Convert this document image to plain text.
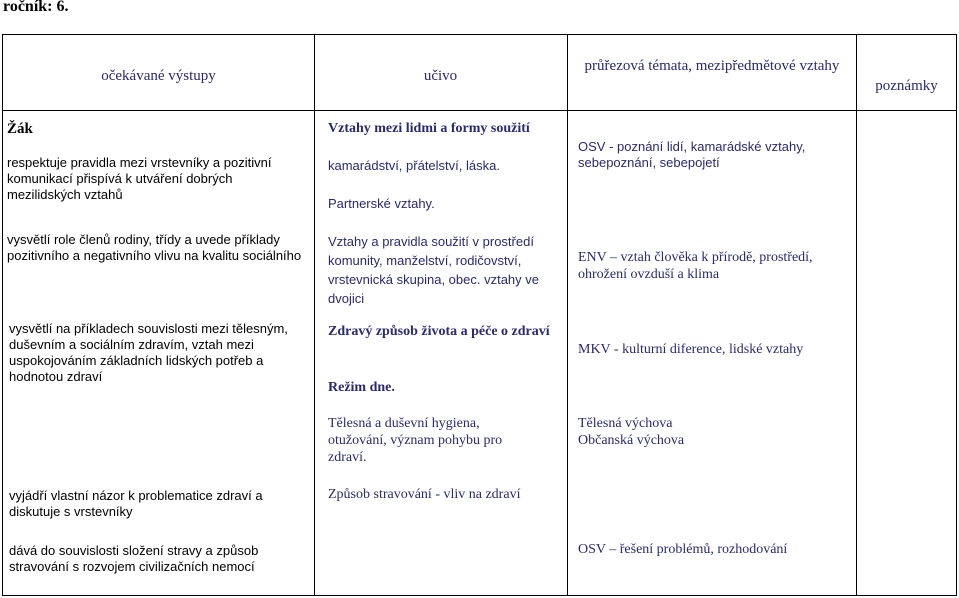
ročník: 6.
očekávané výstupy	učivo
průřezová témata, mezipředmětové vztahy
poznámky
Žák
respektuje pravidla mezi vrstevníky a pozitivní komunikací přispívá k utváření dobrých mezilidských vztahů
vysvětlí role členů rodiny, třídy a uvede příklady pozitivního a negativního vlivu na kvalitu sociálního
vysvětlí na příkladech souvislosti mezi tělesným, duševním a sociálním zdravím, vztah mezi uspokojováním základních lidských potřeb a hodnotou zdraví
vyjádří vlastní názor k problematice zdraví a diskutuje s vrstevníky
dává do souvislosti složení stravy a způsob stravování s rozvojem civilizačních nemocí
Vztahy mezi lidmi a formy soužití
kamarádství, přátelství, láska.
Partnerské vztahy.
Vztahy a pravidla soužití v prostředí komunity, manželství, rodičovství, vrstevnická skupina, obec. vztahy ve dvojici
Zdravý způsob života a péče o zdraví
Režim dne.
Tělesná a duševní hygiena, otužování, význam pohybu pro zdraví.
Způsob stravování - vliv na zdraví
OSV - poznání lidí, kamarádské vztahy, sebepoznání, sebepojetí
ENV – vztah člověka k přírodě, prostředí, ohrožení ovzduší a klima
MKV - kulturní diference, lidské vztahy
Tělesná výchova
Občanská výchova
OSV – řešení problémů, rozhodování
